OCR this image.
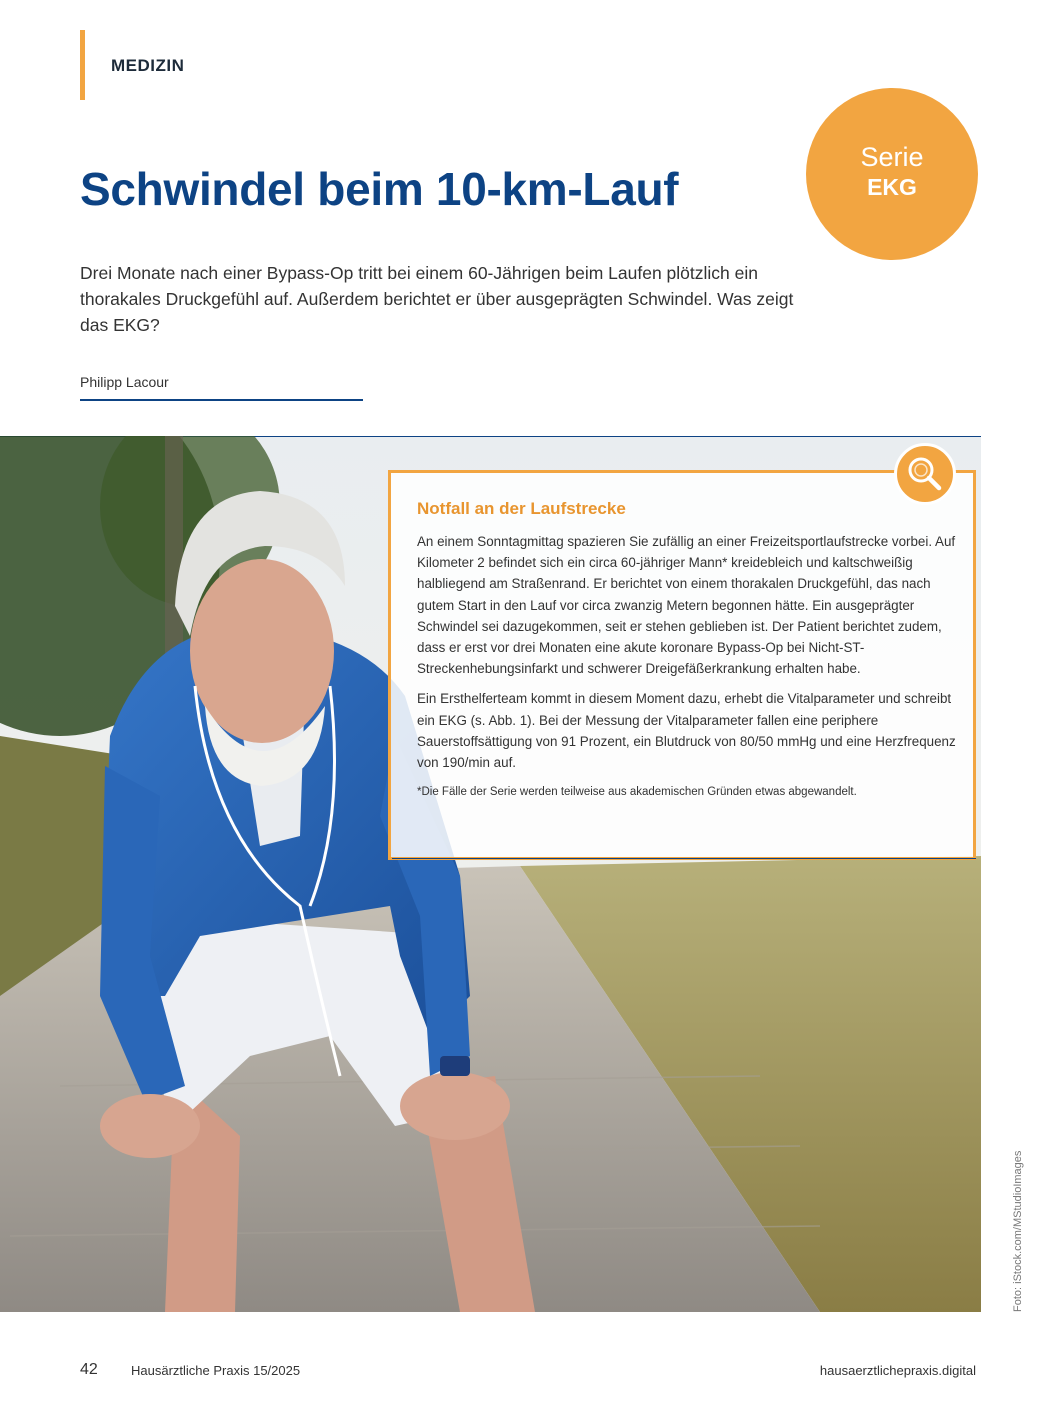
MEDIZIN
Serie
EKG
Schwindel beim 10-km-Lauf

Drei Monate nach einer Bypass-Op tritt bei einem 60-Jährigen beim Laufen plötzlich ein thorakales Druckgefühl auf. Außerdem berichtet er über ausgeprägten Schwindel. Was zeigt das EKG?

Philipp Lacour
Notfall an der Laufstrecke

An einem Sonntagmittag spazieren Sie zufällig an einer Freizeitsportlaufstrecke vorbei. Auf Kilometer 2 befindet sich ein circa 60-jähriger Mann* kreidebleich und kaltschweißig halbliegend am Straßenrand. Er berichtet von einem thorakalen Druckgefühl, das nach gutem Start in den Lauf vor circa zwanzig Metern begonnen hätte. Ein ausgeprägter Schwindel sei dazugekommen, seit er stehen geblieben ist. Der Patient berichtet zudem, dass er erst vor drei Monaten eine akute koronare Bypass-Op bei Nicht-ST-Streckenhebungsinfarkt und schwerer Dreigefäßerkrankung erhalten habe.

Ein Ersthelferteam kommt in diesem Moment dazu, erhebt die Vitalparameter und schreibt ein EKG (s. Abb. 1). Bei der Messung der Vitalparameter fallen eine periphere Sauerstoffsättigung von 91 Prozent, ein Blutdruck von 80/50 mmHg und eine Herzfrequenz von 190/min auf.

*Die Fälle der Serie werden teilweise aus akademischen Gründen etwas abgewandelt.

Foto: iStock.com/MStudioImages
42	Hausärztliche Praxis 15/2025	hausaerztlichepraxis.digital
